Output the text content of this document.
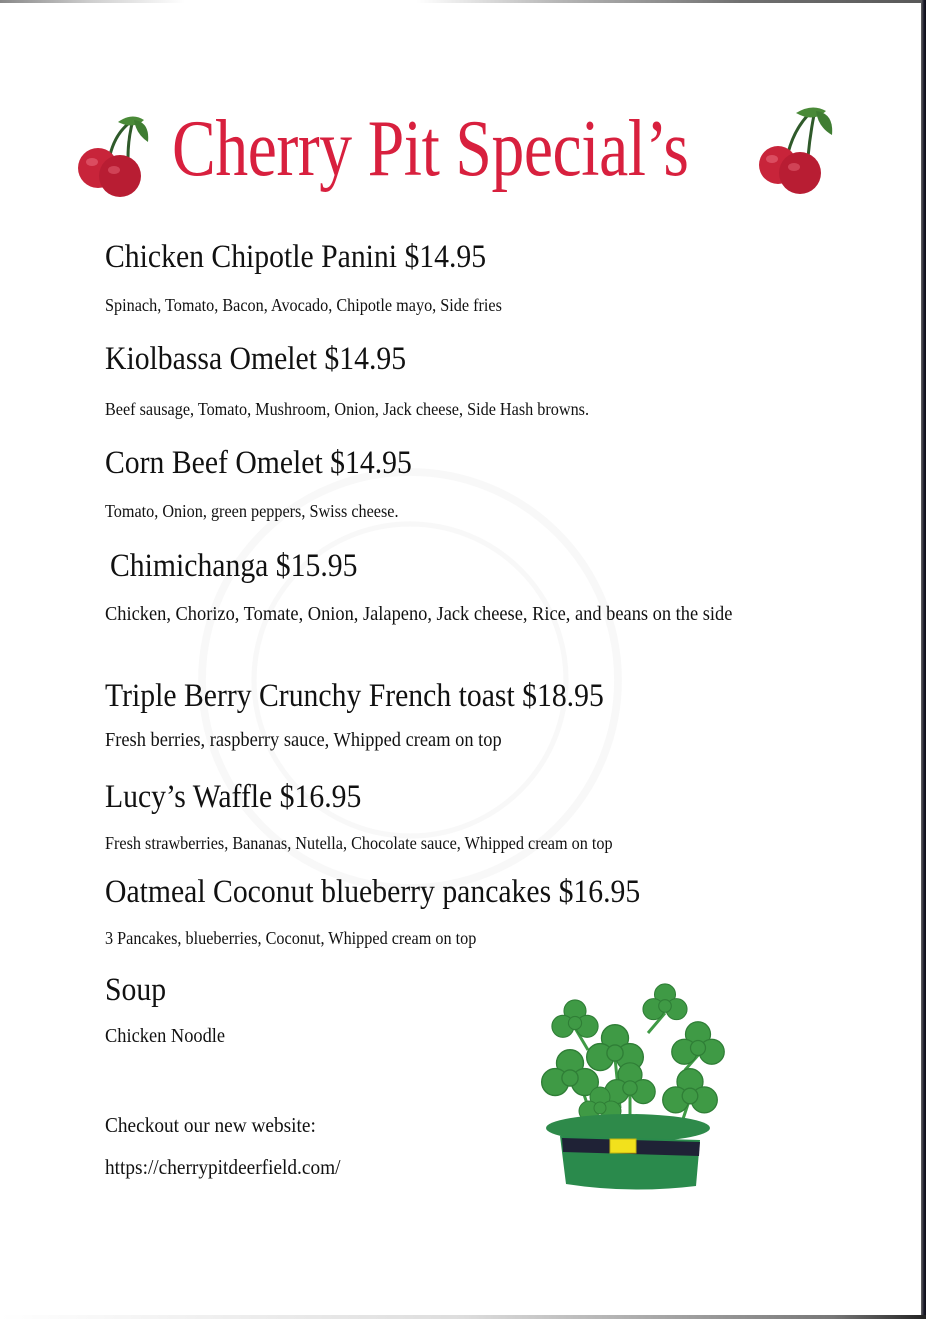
Cherry Pit Special’s
Chicken Chipotle Panini $14.95
Spinach, Tomato, Bacon, Avocado, Chipotle mayo, Side fries
Kiolbassa Omelet $14.95
Beef sausage, Tomato, Mushroom, Onion, Jack cheese, Side Hash browns.
Corn Beef Omelet $14.95
Tomato, Onion, green peppers, Swiss cheese.
Chimichanga $15.95
Chicken, Chorizo, Tomate, Onion, Jalapeno, Jack cheese, Rice, and beans on the side
Triple Berry Crunchy French toast $18.95
Fresh berries, raspberry sauce, Whipped cream on top
Lucy’s Waffle $16.95
Fresh strawberries, Bananas, Nutella, Chocolate sauce, Whipped cream on top
Oatmeal Coconut blueberry pancakes $16.95
3 Pancakes, blueberries, Coconut, Whipped cream on top
Soup
Chicken Noodle
Checkout our new website:
https://cherrypitdeerfield.com/
